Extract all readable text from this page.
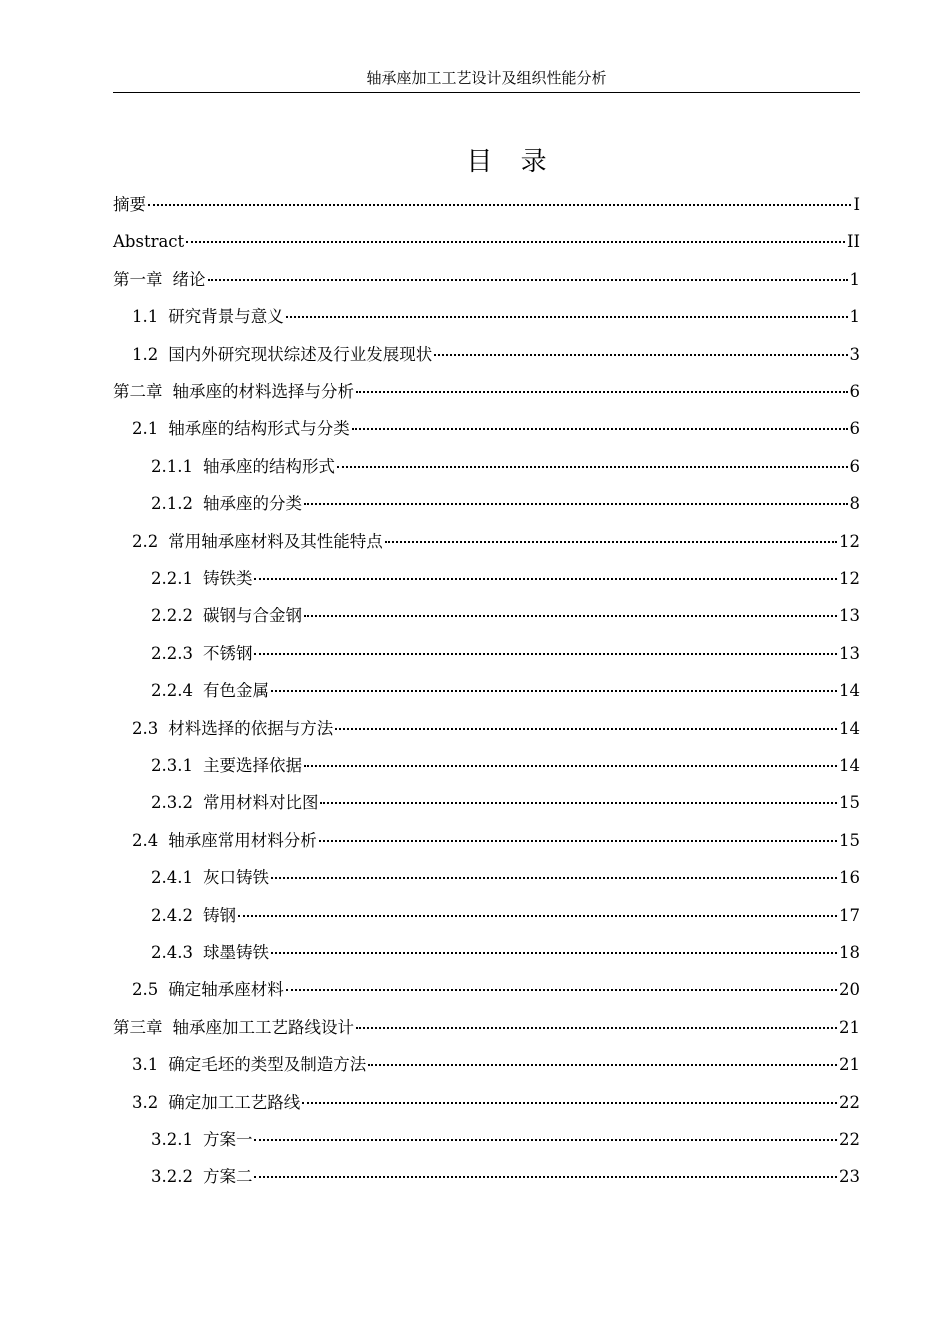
轴承座加工工艺设计及组织性能分析
目 录
摘要	I
Abstract	II
第一章 绪论	1
1.1 研究背景与意义	1
1.2 国内外研究现状综述及行业发展现状	3
第二章 轴承座的材料选择与分析	6
2.1 轴承座的结构形式与分类	6
2.1.1 轴承座的结构形式	6
2.1.2 轴承座的分类	8
2.2 常用轴承座材料及其性能特点	12
2.2.1 铸铁类	12
2.2.2 碳钢与合金钢	13
2.2.3 不锈钢	13
2.2.4 有色金属	14
2.3 材料选择的依据与方法	14
2.3.1 主要选择依据	14
2.3.2 常用材料对比图	15
2.4 轴承座常用材料分析	15
2.4.1 灰口铸铁	16
2.4.2 铸钢	17
2.4.3 球墨铸铁	18
2.5 确定轴承座材料	20
第三章 轴承座加工工艺路线设计	21
3.1 确定毛坯的类型及制造方法	21
3.2 确定加工工艺路线	22
3.2.1 方案一	22
3.2.2 方案二	23
